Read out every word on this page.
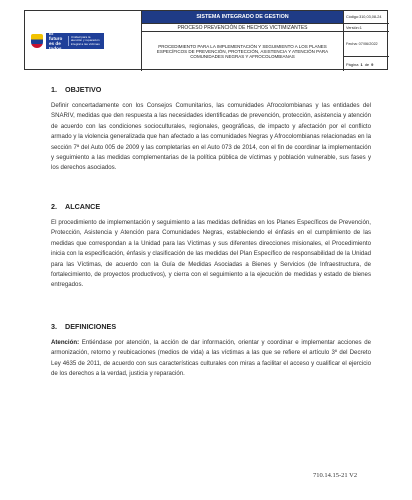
El futuro es de todos
Unidad para la atención y reparación integral a las víctimas
SISTEMA INTEGRADO DE GESTION	Código:310,03,08-24
PROCESO PREVENCIÓN DE HECHOS VICTIMIZANTES	Versión:1
PROCEDIMIENTO PARA LA IMPLEMENTACIÓN Y SEGUIMIENTO A LOS PLANES ESPECÍFICOS DE PREVENCIÓN, PROTECCIÓN, ASISTENCIA Y ATENCIÓN PARA COMUNIDADES NEGRAS Y AFROCOLOMBIANAS
Fecha: 07/06/2022
Página 1 de 9
1. OBJETIVO

Definir concertadamente con los Consejos Comunitarios, las comunidades Afrocolombianas y las entidades del SNARIV, medidas que den respuesta a las necesidades identificadas de prevención, protección, asistencia y atención de acuerdo con las condiciones socioculturales, regionales, geográficas, de impacto y afectación por el conflicto armado y la violencia generalizada que han afectado a las comunidades Negras y Afrocolombianas relacionadas en la sección 7ª del Auto 005 de 2009 y las completarías en el Auto 073 de 2014, con el fin de coordinar la implementación y seguimiento a las medidas complementarias de la política pública de víctimas y población vulnerable, sus fases y los derechos asociados.

2. ALCANCE

El procedimiento de implementación y seguimiento a las medidas definidas en los Planes Específicos de Prevención, Protección, Asistencia y Atención para Comunidades Negras, estableciendo el énfasis en el cumplimiento de las medidas que correspondan a la Unidad para las Víctimas y sus diferentes direcciones misionales, el Procedimiento inicia con la especificación, énfasis y clasificación de las medidas del Plan Específico de responsabilidad de la Unidad para las Víctimas, de acuerdo con la Guía de Medidas Asociadas a Bienes y Servicios (de Infraestructura, de fortalecimiento, de proyectos productivos), y cierra con el seguimiento a la ejecución de medidas y estado de bienes entregados.

3. DEFINICIONES

Atención: Entiéndase por atención, la acción de dar información, orientar y coordinar e implementar acciones de armonización, retorno y reubicaciones (medios de vida) a las víctimas a las que se refiere el artículo 3º del Decreto Ley 4635 de 2011, de acuerdo con sus características culturales con miras a facilitar el acceso y cualificar el ejercicio de los derechos a la verdad, justicia y reparación.

710.14.15-21 V2
